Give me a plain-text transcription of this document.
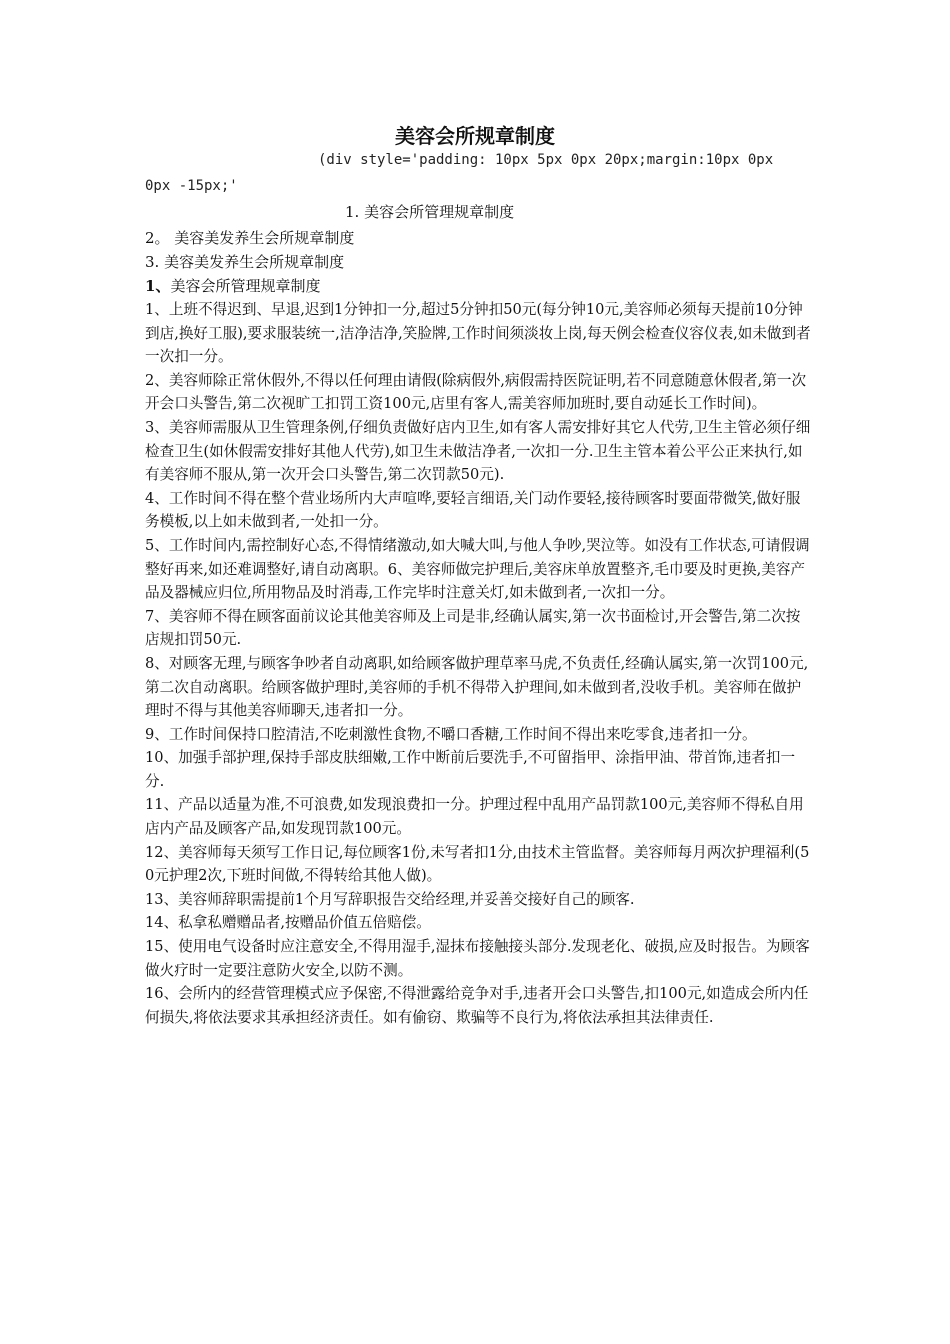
美容会所规章制度
(div style='padding: 10px 5px 0px 20px;margin:10px 0px
0px -15px;'
1. 美容会所管理规章制度
2。 美容美发养生会所规章制度
3. 美容美发养生会所规章制度
1、美容会所管理规章制度

1、上班不得迟到、早退,迟到1分钟扣一分,超过5分钟扣50元(每分钟10元,美容师必须每天提前10分钟到店,换好工服),要求服装统一,洁净洁净,笑脸牌,工作时间须淡妆上岗,每天例会检查仪容仪表,如未做到者一次扣一分。

2、美容师除正常休假外,不得以任何理由请假(除病假外,病假需持医院证明,若不同意随意休假者,第一次开会口头警告,第二次视旷工扣罚工资100元,店里有客人,需美容师加班时,要自动延长工作时间)。

3、美容师需服从卫生管理条例,仔细负责做好店内卫生,如有客人需安排好其它人代劳,卫生主管必须仔细检查卫生(如休假需安排好其他人代劳),如卫生未做洁净者,一次扣一分.卫生主管本着公平公正来执行,如有美容师不服从,第一次开会口头警告,第二次罚款50元).

4、工作时间不得在整个营业场所内大声喧哗,要轻言细语,关门动作要轻,接待顾客时要面带微笑,做好服务模板,以上如未做到者,一处扣一分。

5、工作时间内,需控制好心态,不得情绪激动,如大喊大叫,与他人争吵,哭泣等。如没有工作状态,可请假调整好再来,如还难调整好,请自动离职。6、美容师做完护理后,美容床单放置整齐,毛巾要及时更换,美容产品及器械应归位,所用物品及时消毒,工作完毕时注意关灯,如未做到者,一次扣一分。

7、美容师不得在顾客面前议论其他美容师及上司是非,经确认属实,第一次书面检讨,开会警告,第二次按店规扣罚50元.

8、对顾客无理,与顾客争吵者自动离职,如给顾客做护理草率马虎,不负责任,经确认属实,第一次罚100元,第二次自动离职。给顾客做护理时,美容师的手机不得带入护理间,如未做到者,没收手机。美容师在做护理时不得与其他美容师聊天,违者扣一分。

9、工作时间保持口腔清洁,不吃刺激性食物,不嚼口香糖,工作时间不得出来吃零食,违者扣一分。

10、加强手部护理,保持手部皮肤细嫩,工作中断前后要洗手,不可留指甲、涂指甲油、带首饰,违者扣一分.

11、产品以适量为准,不可浪费,如发现浪费扣一分。护理过程中乱用产品罚款100元,美容师不得私自用店内产品及顾客产品,如发现罚款100元。

12、美容师每天须写工作日记,每位顾客1份,未写者扣1分,由技术主管监督。美容师每月两次护理福利(50元护理2次,下班时间做,不得转给其他人做)。

13、美容师辞职需提前1个月写辞职报告交给经理,并妥善交接好自己的顾客.

14、私拿私赠赠品者,按赠品价值五倍赔偿。

15、使用电气设备时应注意安全,不得用湿手,湿抹布接触接头部分.发现老化、破损,应及时报告。为顾客做火疗时一定要注意防火安全,以防不测。

16、会所内的经营管理模式应予保密,不得泄露给竞争对手,违者开会口头警告,扣100元,如造成会所内任何损失,将依法要求其承担经济责任。如有偷窃、欺骗等不良行为,将依法承担其法律责任.
